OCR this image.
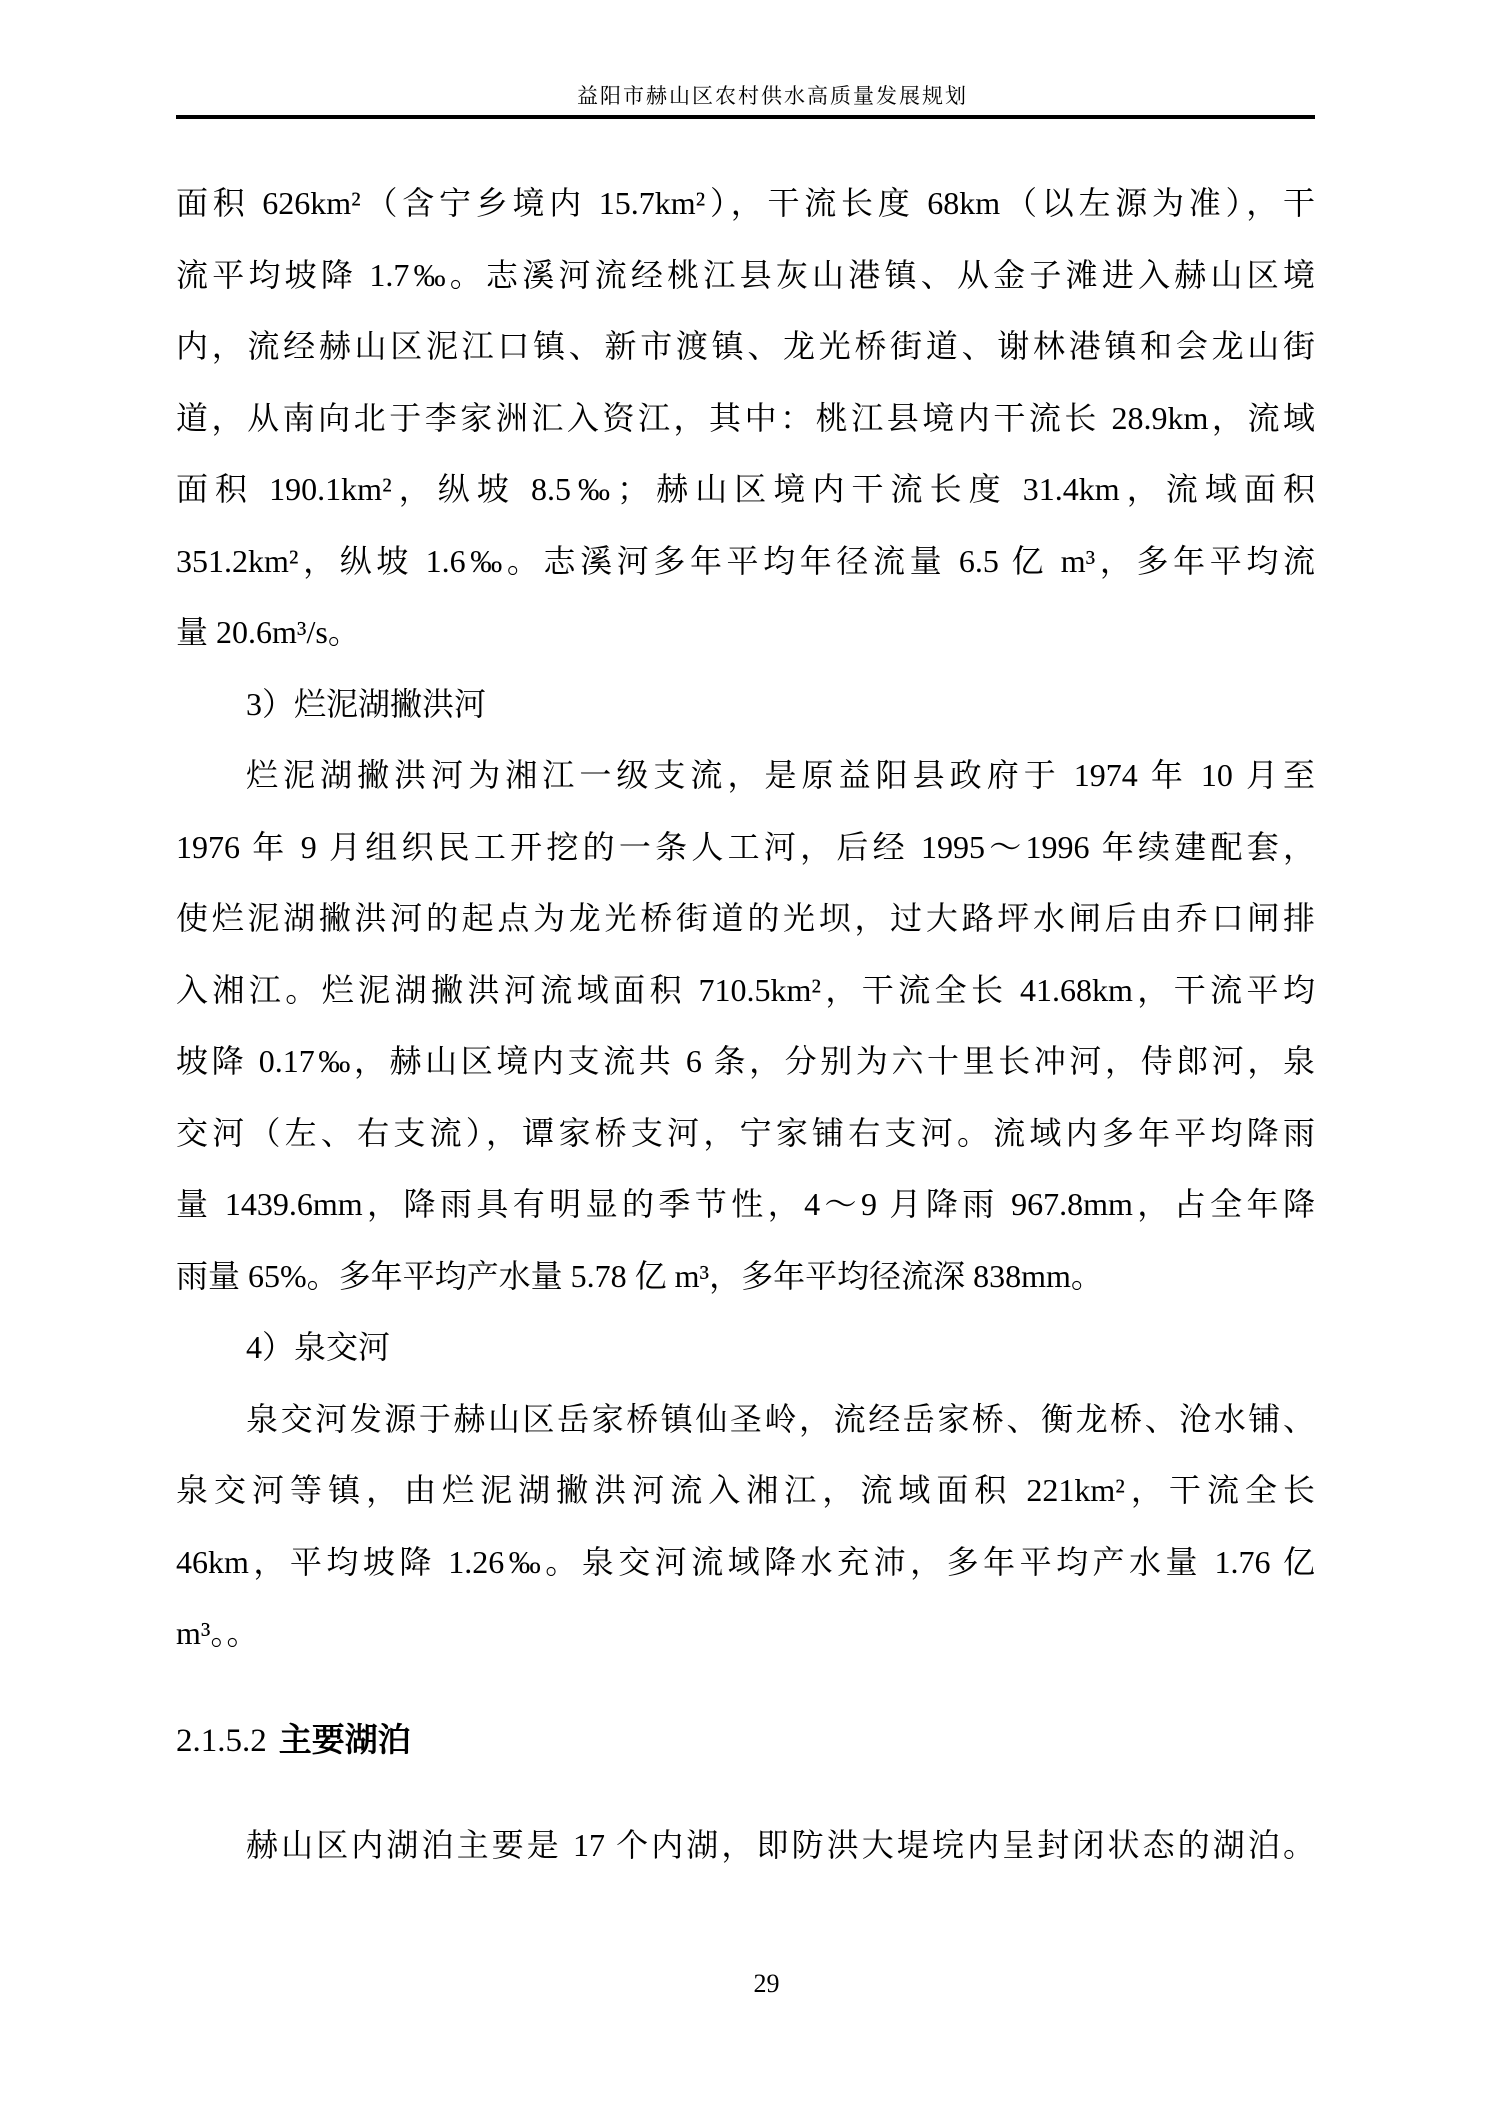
益阳市赫山区农村供水高质量发展规划
面积 626km²（含宁乡境内 15.7km²），干流长度 68km（以左源为准），干
流平均坡降 1.7‰。志溪河流经桃江县灰山港镇、从金子滩进入赫山区境
内，流经赫山区泥江口镇、新市渡镇、龙光桥街道、谢林港镇和会龙山街
道，从南向北于李家洲汇入资江，其中：桃江县境内干流长 28.9km，流域
面积 190.1km²，纵坡 8.5‰；赫山区境内干流长度 31.4km，流域面积
351.2km²，纵坡 1.6‰。志溪河多年平均年径流量 6.5 亿 m³，多年平均流
量 20.6m³/s。
3）烂泥湖撇洪河
烂泥湖撇洪河为湘江一级支流，是原益阳县政府于 1974 年 10 月至
1976 年 9 月组织民工开挖的一条人工河，后经 1995～1996 年续建配套，
使烂泥湖撇洪河的起点为龙光桥街道的光坝，过大路坪水闸后由乔口闸排
入湘江。烂泥湖撇洪河流域面积 710.5km²，干流全长 41.68km，干流平均
坡降 0.17‰，赫山区境内支流共 6 条，分别为六十里长冲河，侍郎河，泉
交河（左、右支流），谭家桥支河，宁家铺右支河。流域内多年平均降雨
量 1439.6mm，降雨具有明显的季节性，4～9 月降雨 967.8mm，占全年降
雨量 65%。多年平均产水量 5.78 亿 m³，多年平均径流深 838mm。
4）泉交河
泉交河发源于赫山区岳家桥镇仙圣岭，流经岳家桥、衡龙桥、沧水铺、
泉交河等镇，由烂泥湖撇洪河流入湘江，流域面积 221km²，干流全长
46km，平均坡降 1.26‰。泉交河流域降水充沛，多年平均产水量 1.76 亿
m³。。
2.1.5.2 主要湖泊
赫山区内湖泊主要是 17 个内湖，即防洪大堤垸内呈封闭状态的湖泊。
29
